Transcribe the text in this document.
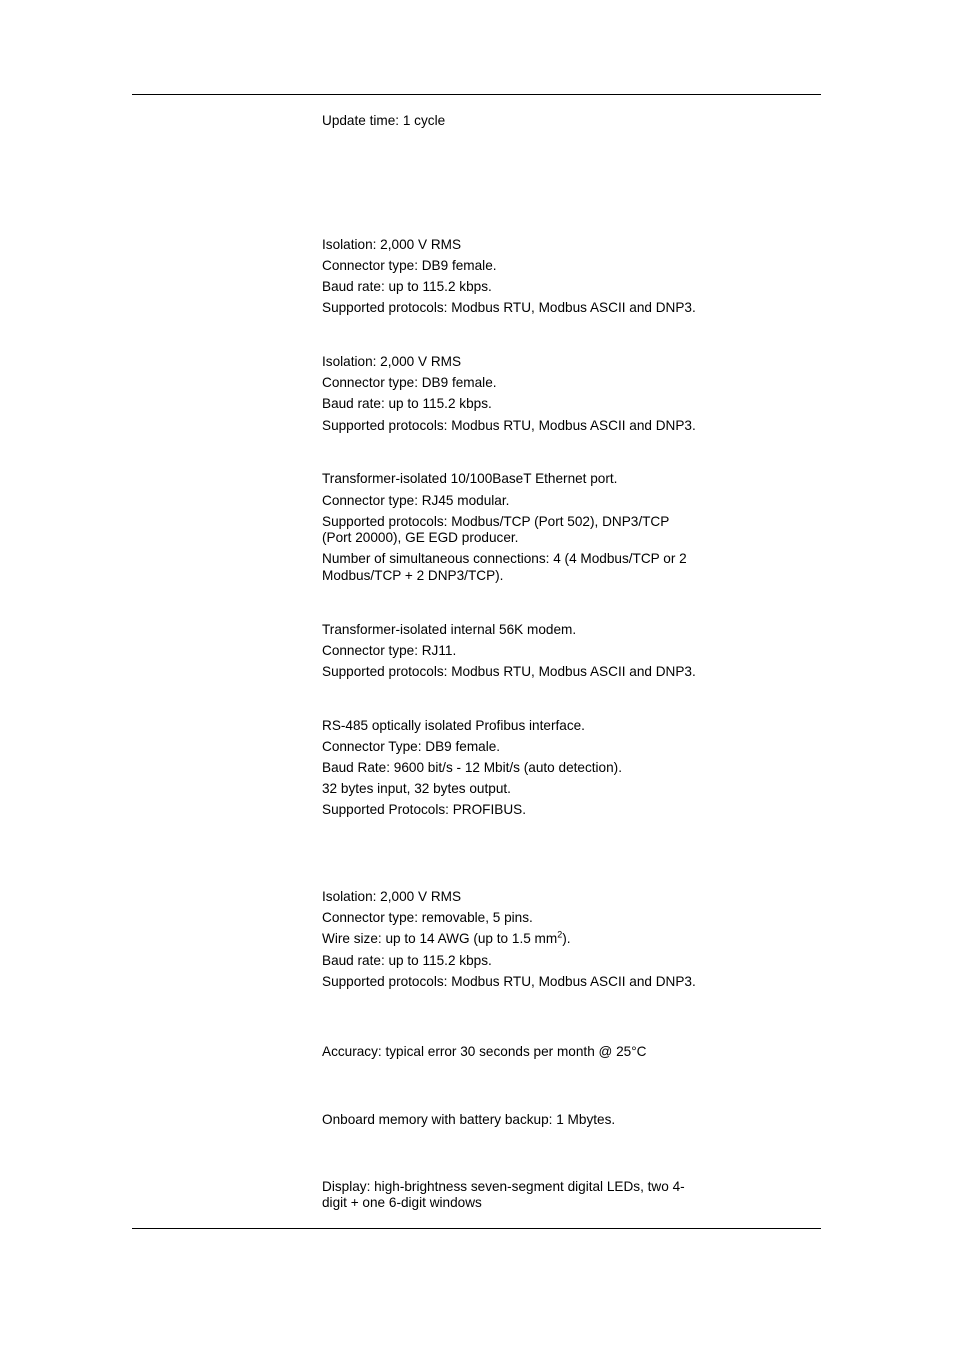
Update time: 1 cycle
Isolation: 2,000 V RMS
Connector type: DB9 female.
Baud rate: up to 115.2 kbps.
Supported protocols: Modbus RTU, Modbus ASCII and DNP3.
Isolation: 2,000 V RMS
Connector type: DB9 female.
Baud rate: up to 115.2 kbps.
Supported protocols: Modbus RTU, Modbus ASCII and DNP3.
Transformer-isolated 10/100BaseT Ethernet port.
Connector type: RJ45 modular.
Supported protocols: Modbus/TCP (Port 502), DNP3/TCP
(Port 20000), GE EGD producer.
Number of simultaneous connections: 4 (4 Modbus/TCP or 2
Modbus/TCP + 2 DNP3/TCP).
Transformer-isolated internal 56K modem.
Connector type: RJ11.
Supported protocols: Modbus RTU, Modbus ASCII and DNP3.
RS-485 optically isolated Profibus interface.
Connector Type: DB9 female.
Baud Rate: 9600 bit/s - 12 Mbit/s (auto detection).
32 bytes input, 32 bytes output.
Supported Protocols: PROFIBUS.
Isolation: 2,000 V RMS
Connector type: removable, 5 pins.
Wire size: up to 14 AWG (up to 1.5 $mm^2$).
Baud rate: up to 115.2 kbps.
Supported protocols: Modbus RTU, Modbus ASCII and DNP3.
Accuracy: typical error 30 seconds per month @ 25°C
Onboard memory with battery backup: 1 Mbytes.
Display: high-brightness seven-segment digital LEDs, two 4-
digit + one 6-digit windows
